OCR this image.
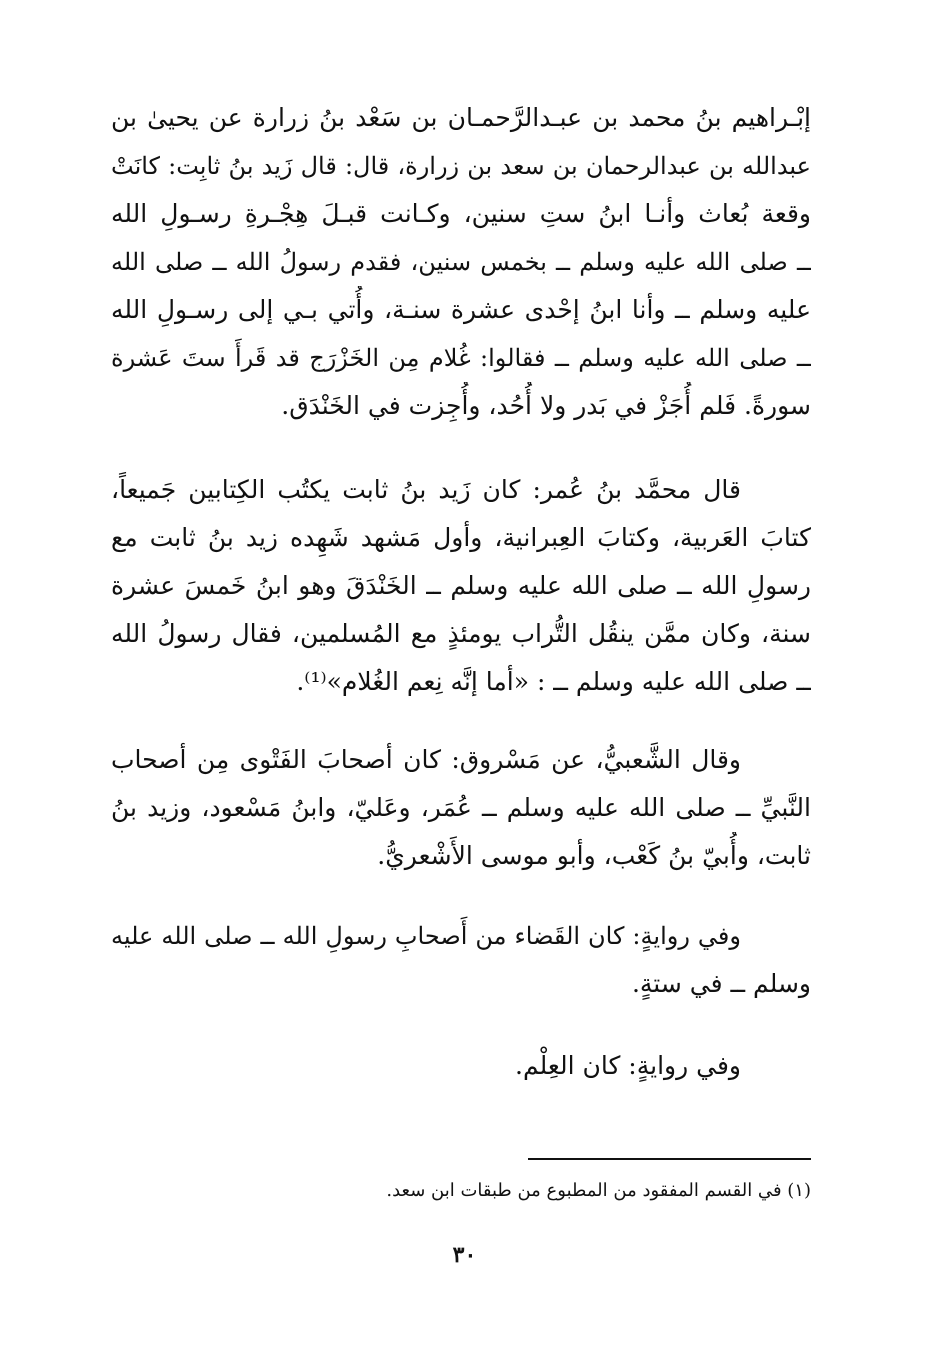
إبْـراهيم بنُ محمد بن عبـدالرَّحمـان بن سَعْد بنُ زرارة عن يحيىٰ بن
عبدالله بن عبدالرحمان بن سعد بن زرارة، قال: قال زَيد بنُ ثابِت: كانَتْ
وقعة بُعاث وأنـا ابنُ ستِ سنين، وكـانت قبـلَ هِجْـرةِ رسـولِ الله
ــ صلى الله عليه وسلم ــ بخمس سنين، فقدم رسولُ الله ــ صلى الله
عليه وسلم ــ وأنا ابنُ إحْدى عشرة سنـة، وأُتي بـي إلى رسـولِ الله
ــ صلى الله عليه وسلم ــ فقالوا: غُلام مِن الخَزْرَج قد قَرأَ ستَ عَشرة
سورةً. فَلم أُجَزْ في بَدر ولا أُحُد، وأُجِزت في الخَنْدَق.
قال محمَّد بنُ عُمر: كان زَيد بنُ ثابت يكتُب الكِتابين جَميعاً،
كتابَ العَربية، وكتابَ العِبرانية، وأول مَشهد شَهِده زيد بنُ ثابت مع
رسولِ الله ــ صلى الله عليه وسلم ــ الخَنْدَقَ وهو ابنُ خَمسَ عشرة
سنة، وكان ممَّن ينقُل التُّراب يومئذٍ مع المُسلمين، فقال رسولُ الله
ــ صلى الله عليه وسلم ــ : «أما إنَّه نِعم الغُلام»⁽¹⁾.
وقال الشَّعبيُّ، عن مَسْروق: كان أصحابَ الفَتْوى مِن أصحاب
النَّبيِّ ــ صلى الله عليه وسلم ــ عُمَر، وعَليّ، وابنُ مَسْعود، وزيد بنُ
ثابت، وأُبيّ بنُ كَعْب، وأبو موسى الأَشْعريُّ.
وفي روايةٍ: كان القَضاء من أَصحابِ رسولِ الله ــ صلى الله عليه
وسلم ــ في ستةٍ.
وفي روايةٍ: كان العِلْم.
(١) في القسم المفقود من المطبوع من طبقات ابن سعد.
٣٠
